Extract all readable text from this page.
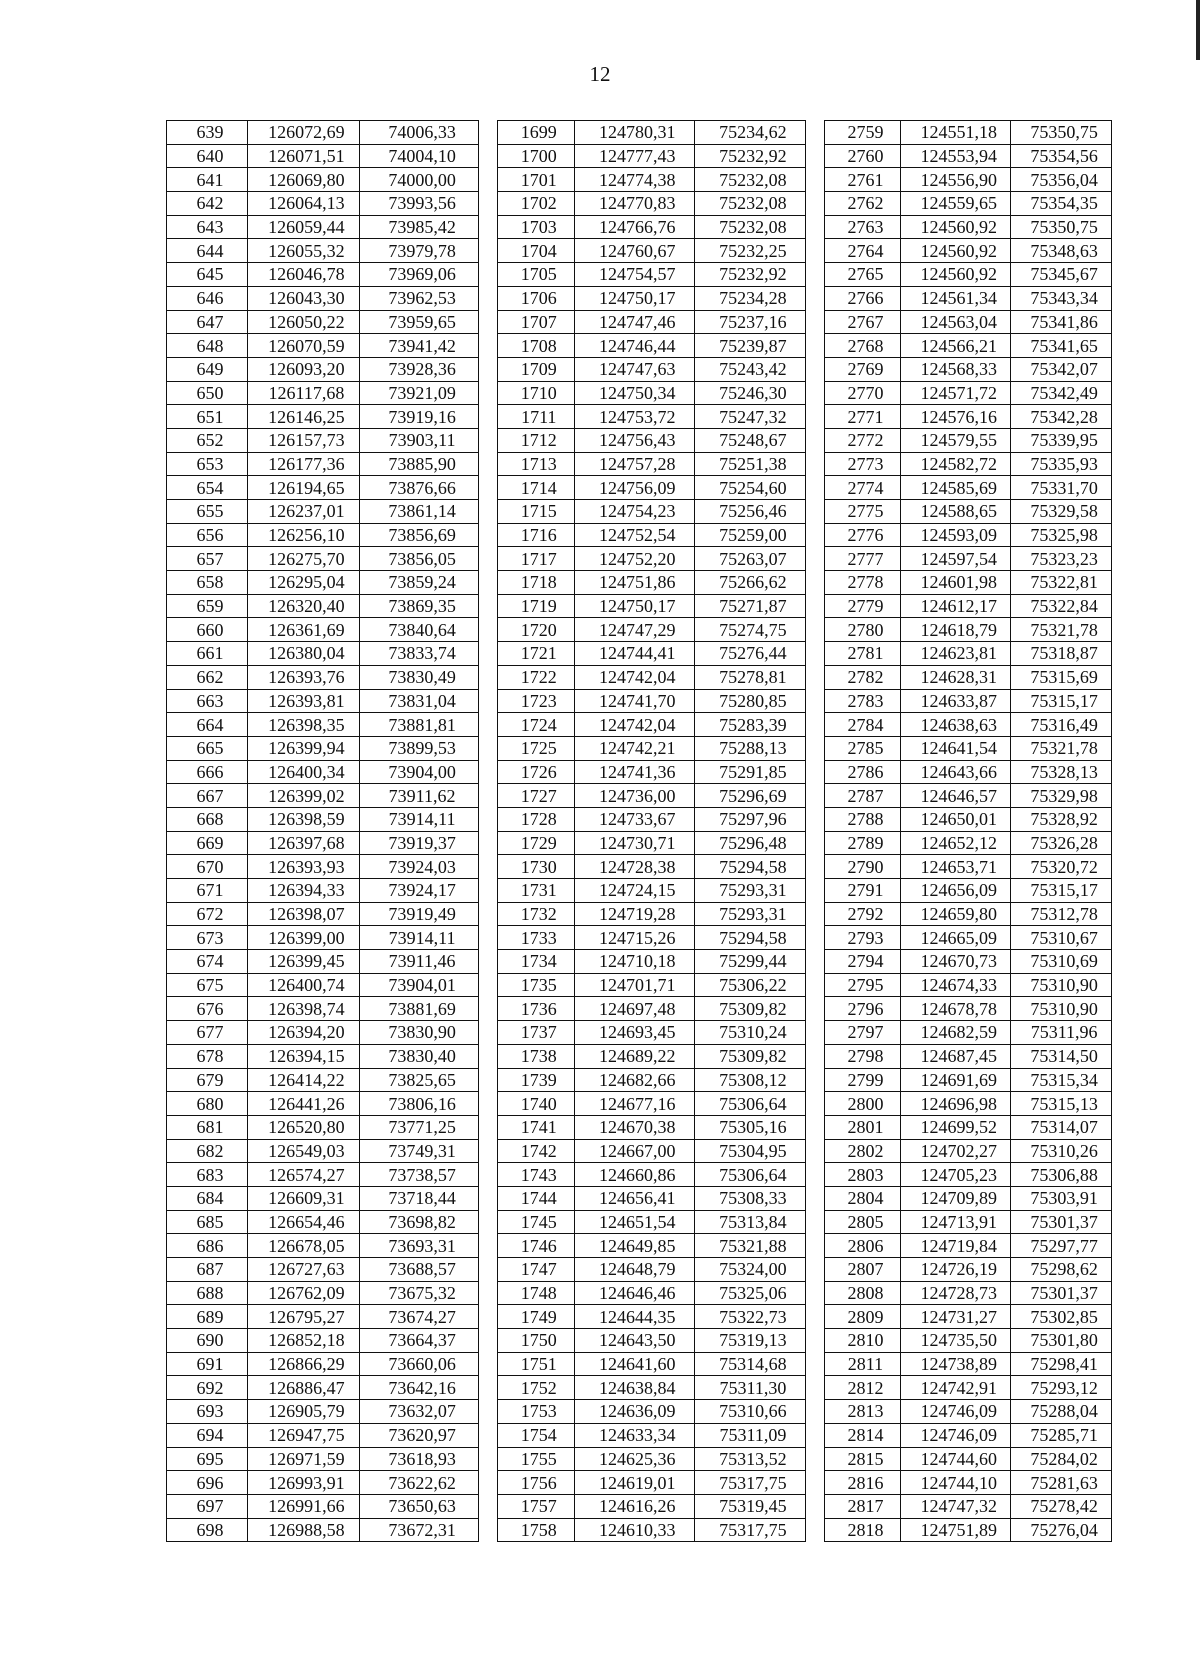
12
639	126072,69	74006,33		1699	124780,31	75234,62		2759	124551,18	75350,75
640	126071,51	74004,10		1700	124777,43	75232,92		2760	124553,94	75354,56
641	126069,80	74000,00		1701	124774,38	75232,08		2761	124556,90	75356,04
642	126064,13	73993,56		1702	124770,83	75232,08		2762	124559,65	75354,35
643	126059,44	73985,42		1703	124766,76	75232,08		2763	124560,92	75350,75
644	126055,32	73979,78		1704	124760,67	75232,25		2764	124560,92	75348,63
645	126046,78	73969,06		1705	124754,57	75232,92		2765	124560,92	75345,67
646	126043,30	73962,53		1706	124750,17	75234,28		2766	124561,34	75343,34
647	126050,22	73959,65		1707	124747,46	75237,16		2767	124563,04	75341,86
648	126070,59	73941,42		1708	124746,44	75239,87		2768	124566,21	75341,65
649	126093,20	73928,36		1709	124747,63	75243,42		2769	124568,33	75342,07
650	126117,68	73921,09		1710	124750,34	75246,30		2770	124571,72	75342,49
651	126146,25	73919,16		1711	124753,72	75247,32		2771	124576,16	75342,28
652	126157,73	73903,11		1712	124756,43	75248,67		2772	124579,55	75339,95
653	126177,36	73885,90		1713	124757,28	75251,38		2773	124582,72	75335,93
654	126194,65	73876,66		1714	124756,09	75254,60		2774	124585,69	75331,70
655	126237,01	73861,14		1715	124754,23	75256,46		2775	124588,65	75329,58
656	126256,10	73856,69		1716	124752,54	75259,00		2776	124593,09	75325,98
657	126275,70	73856,05		1717	124752,20	75263,07		2777	124597,54	75323,23
658	126295,04	73859,24		1718	124751,86	75266,62		2778	124601,98	75322,81
659	126320,40	73869,35		1719	124750,17	75271,87		2779	124612,17	75322,84
660	126361,69	73840,64		1720	124747,29	75274,75		2780	124618,79	75321,78
661	126380,04	73833,74		1721	124744,41	75276,44		2781	124623,81	75318,87
662	126393,76	73830,49		1722	124742,04	75278,81		2782	124628,31	75315,69
663	126393,81	73831,04		1723	124741,70	75280,85		2783	124633,87	75315,17
664	126398,35	73881,81		1724	124742,04	75283,39		2784	124638,63	75316,49
665	126399,94	73899,53		1725	124742,21	75288,13		2785	124641,54	75321,78
666	126400,34	73904,00		1726	124741,36	75291,85		2786	124643,66	75328,13
667	126399,02	73911,62		1727	124736,00	75296,69		2787	124646,57	75329,98
668	126398,59	73914,11		1728	124733,67	75297,96		2788	124650,01	75328,92
669	126397,68	73919,37		1729	124730,71	75296,48		2789	124652,12	75326,28
670	126393,93	73924,03		1730	124728,38	75294,58		2790	124653,71	75320,72
671	126394,33	73924,17		1731	124724,15	75293,31		2791	124656,09	75315,17
672	126398,07	73919,49		1732	124719,28	75293,31		2792	124659,80	75312,78
673	126399,00	73914,11		1733	124715,26	75294,58		2793	124665,09	75310,67
674	126399,45	73911,46		1734	124710,18	75299,44		2794	124670,73	75310,69
675	126400,74	73904,01		1735	124701,71	75306,22		2795	124674,33	75310,90
676	126398,74	73881,69		1736	124697,48	75309,82		2796	124678,78	75310,90
677	126394,20	73830,90		1737	124693,45	75310,24		2797	124682,59	75311,96
678	126394,15	73830,40		1738	124689,22	75309,82		2798	124687,45	75314,50
679	126414,22	73825,65		1739	124682,66	75308,12		2799	124691,69	75315,34
680	126441,26	73806,16		1740	124677,16	75306,64		2800	124696,98	75315,13
681	126520,80	73771,25		1741	124670,38	75305,16		2801	124699,52	75314,07
682	126549,03	73749,31		1742	124667,00	75304,95		2802	124702,27	75310,26
683	126574,27	73738,57		1743	124660,86	75306,64		2803	124705,23	75306,88
684	126609,31	73718,44		1744	124656,41	75308,33		2804	124709,89	75303,91
685	126654,46	73698,82		1745	124651,54	75313,84		2805	124713,91	75301,37
686	126678,05	73693,31		1746	124649,85	75321,88		2806	124719,84	75297,77
687	126727,63	73688,57		1747	124648,79	75324,00		2807	124726,19	75298,62
688	126762,09	73675,32		1748	124646,46	75325,06		2808	124728,73	75301,37
689	126795,27	73674,27		1749	124644,35	75322,73		2809	124731,27	75302,85
690	126852,18	73664,37		1750	124643,50	75319,13		2810	124735,50	75301,80
691	126866,29	73660,06		1751	124641,60	75314,68		2811	124738,89	75298,41
692	126886,47	73642,16		1752	124638,84	75311,30		2812	124742,91	75293,12
693	126905,79	73632,07		1753	124636,09	75310,66		2813	124746,09	75288,04
694	126947,75	73620,97		1754	124633,34	75311,09		2814	124746,09	75285,71
695	126971,59	73618,93		1755	124625,36	75313,52		2815	124744,60	75284,02
696	126993,91	73622,62		1756	124619,01	75317,75		2816	124744,10	75281,63
697	126991,66	73650,63		1757	124616,26	75319,45		2817	124747,32	75278,42
698	126988,58	73672,31		1758	124610,33	75317,75		2818	124751,89	75276,04
